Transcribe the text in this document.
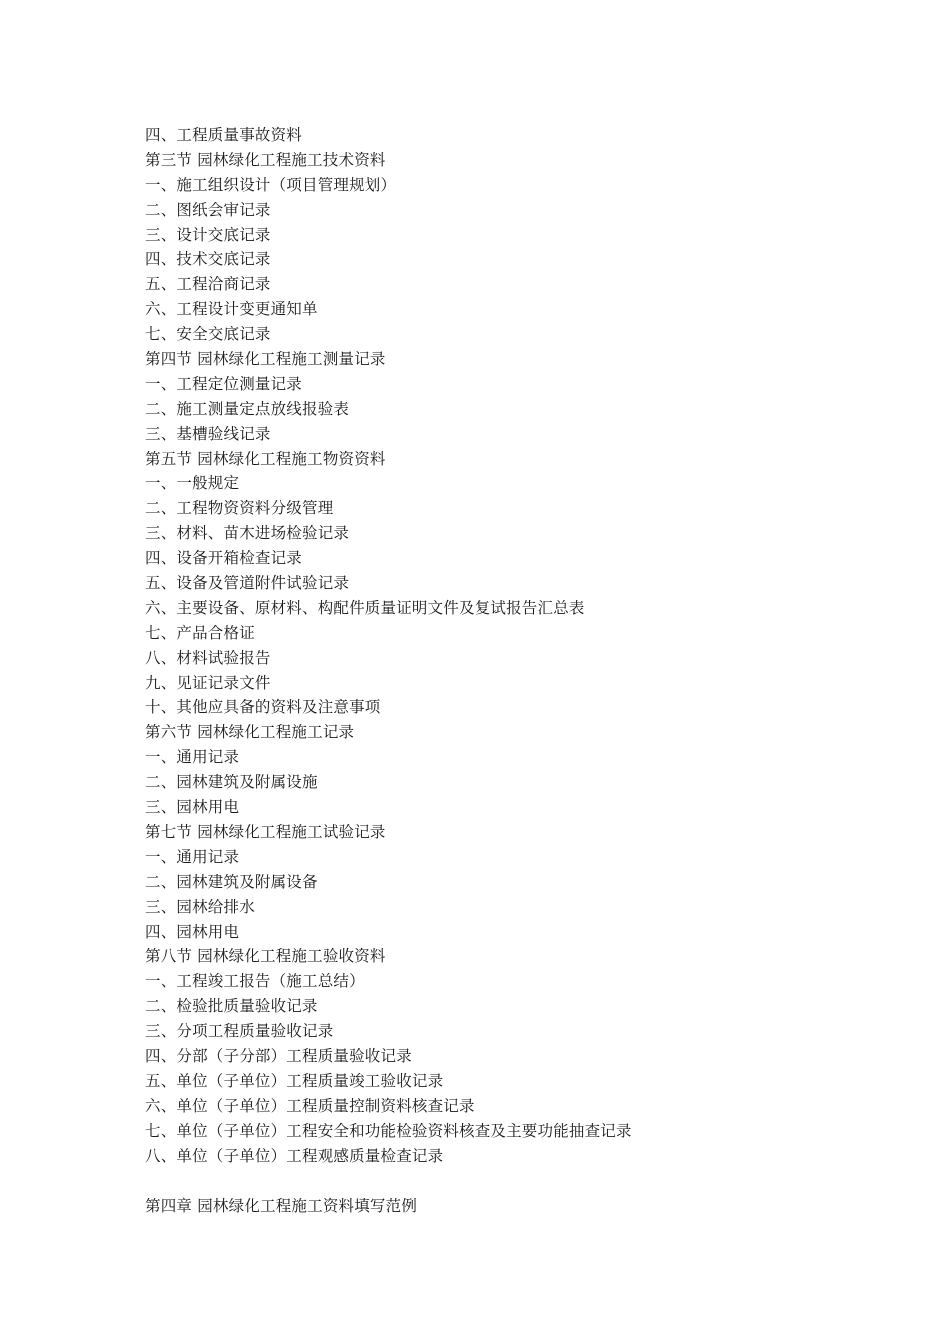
四、工程质量事故资料
第三节 园林绿化工程施工技术资料
一、施工组织设计（项目管理规划）
二、图纸会审记录
三、设计交底记录
四、技术交底记录
五、工程洽商记录
六、工程设计变更通知单
七、安全交底记录
第四节 园林绿化工程施工测量记录
一、工程定位测量记录
二、施工测量定点放线报验表
三、基槽验线记录
第五节 园林绿化工程施工物资资料
一、一般规定
二、工程物资资料分级管理
三、材料、苗木进场检验记录
四、设备开箱检查记录
五、设备及管道附件试验记录
六、主要设备、原材料、构配件质量证明文件及复试报告汇总表
七、产品合格证
八、材料试验报告
九、见证记录文件
十、其他应具备的资料及注意事项
第六节 园林绿化工程施工记录
一、通用记录
二、园林建筑及附属设施
三、园林用电
第七节 园林绿化工程施工试验记录
一、通用记录
二、园林建筑及附属设备
三、园林给排水
四、园林用电
第八节 园林绿化工程施工验收资料
一、工程竣工报告（施工总结）
二、检验批质量验收记录
三、分项工程质量验收记录
四、分部（子分部）工程质量验收记录
五、单位（子单位）工程质量竣工验收记录
六、单位（子单位）工程质量控制资料核查记录
七、单位（子单位）工程安全和功能检验资料核查及主要功能抽查记录
八、单位（子单位）工程观感质量检查记录
第四章 园林绿化工程施工资料填写范例
